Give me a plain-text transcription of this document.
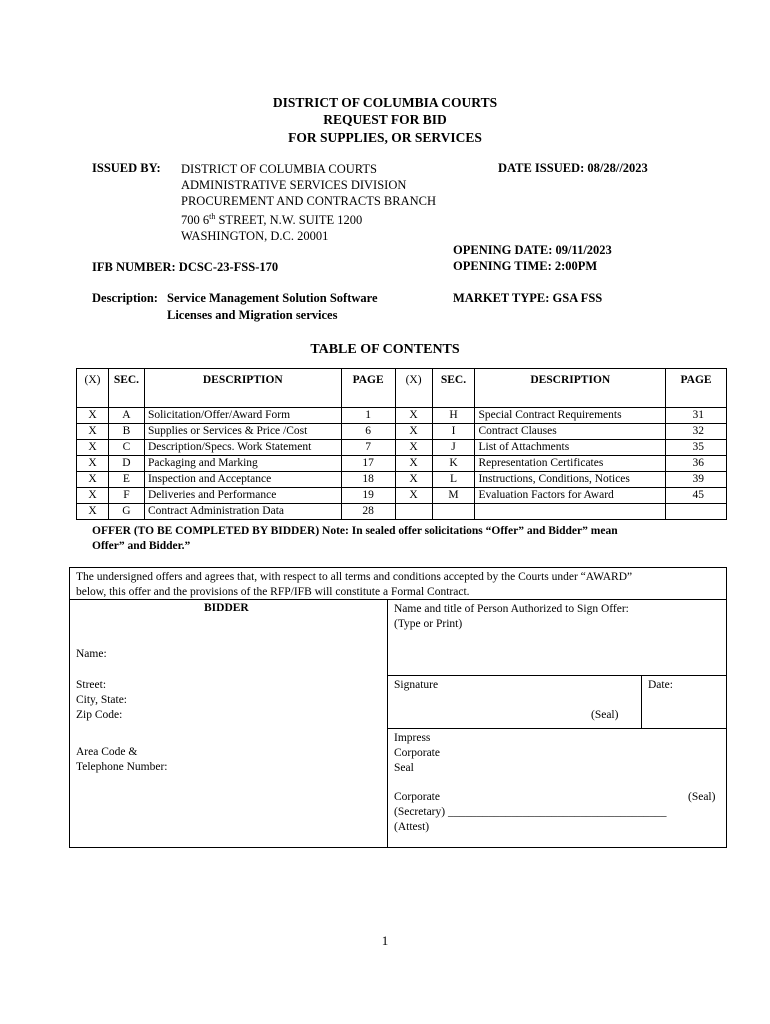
DISTRICT OF COLUMBIA COURTS
REQUEST FOR BID
FOR SUPPLIES, OR SERVICES
ISSUED BY: DISTRICT OF COLUMBIA COURTS
ADMINISTRATIVE SERVICES DIVISION
PROCUREMENT AND CONTRACTS BRANCH
700 6th STREET, N.W. SUITE 1200
WASHINGTON, D.C. 20001
DATE ISSUED: 08/28//2023
OPENING DATE: 09/11/2023
OPENING TIME: 2:00PM
IFB NUMBER: DCSC-23-FSS-170
Description: Service Management Solution Software
Licenses and Migration services
MARKET TYPE: GSA FSS
TABLE OF CONTENTS
(X)	SEC.	DESCRIPTION	PAGE	(X)	SEC.	DESCRIPTION	PAGE
X	A	Solicitation/Offer/Award Form	1	X	H	Special Contract Requirements	31
X	B	Supplies or Services & Price /Cost	6	X	I	Contract Clauses	32
X	C	Description/Specs. Work Statement	7	X	J	List of Attachments	35
X	D	Packaging and Marking	17	X	K	Representation Certificates	36
X	E	Inspection and Acceptance	18	X	L	Instructions, Conditions, Notices	39
X	F	Deliveries and Performance	19	X	M	Evaluation Factors for Award	45
X	G	Contract Administration Data	28				
OFFER (TO BE COMPLETED BY BIDDER) Note: In sealed offer solicitations “Offer” and Bidder” mean
Offer” and Bidder.”
The undersigned offers and agrees that, with respect to all terms and conditions accepted by the Courts under “AWARD”
below, this offer and the provisions of the RFP/IFB will constitute a Formal Contract.
BIDDER
Name:
Street:
City, State:
Zip Code:
Area Code &
Telephone Number:
Name and title of Person Authorized to Sign Offer:
(Type or Print)
Signature	Date:
(Seal)
Impress
Corporate
Seal
Corporate	(Seal)
(Secretary) ______________________________________
(Attest)
1
